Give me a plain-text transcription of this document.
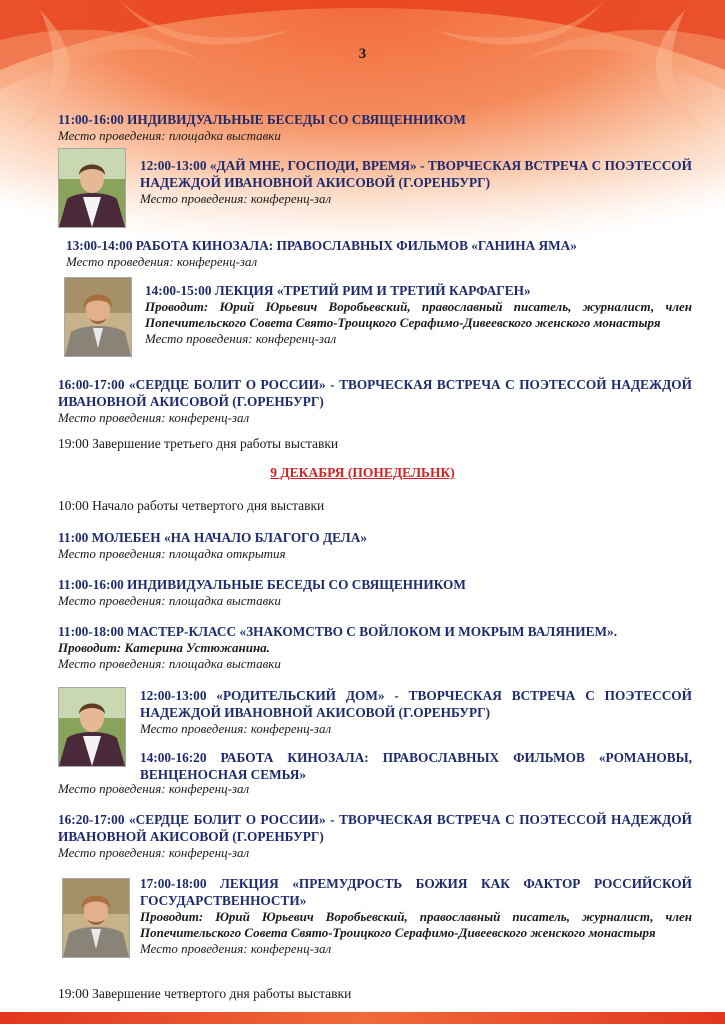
3
11:00-16:00 ИНДИВИДУАЛЬНЫЕ БЕСЕДЫ СО СВЯЩЕННИКОМ
Место проведения: площадка выставки
12:00-13:00 «ДАЙ МНЕ, ГОСПОДИ, ВРЕМЯ» - ТВОРЧЕСКАЯ ВСТРЕЧА С ПОЭТЕССОЙ НАДЕЖДОЙ ИВАНОВНОЙ АКИСОВОЙ (Г.ОРЕНБУРГ)
Место проведения: конференц-зал
13:00-14:00 РАБОТА КИНОЗАЛА: ПРАВОСЛАВНЫХ ФИЛЬМОВ «ГАНИНА ЯМА»
Место проведения: конференц-зал
14:00-15:00 ЛЕКЦИЯ «ТРЕТИЙ РИМ И ТРЕТИЙ КАРФАГЕН»
Проводит: Юрий Юрьевич Воробьевский, православный писатель, журналист, член Попечительского Совета Свято-Троицкого Серафимо-Дивеевского женского монастыря
Место проведения: конференц-зал
16:00-17:00 «СЕРДЦЕ БОЛИТ О РОССИИ» - ТВОРЧЕСКАЯ ВСТРЕЧА С ПОЭТЕССОЙ НАДЕЖДОЙ ИВАНОВНОЙ АКИСОВОЙ (Г.ОРЕНБУРГ)
Место проведения: конференц-зал
19:00 Завершение третьего дня работы выставки
9 ДЕКАБРЯ (ПОНЕДЕЛЬНК)
10:00 Начало работы четвертого дня выставки
11:00 МОЛЕБЕН «НА НАЧАЛО БЛАГОГО ДЕЛА»
Место проведения: площадка открытия
11:00-16:00 ИНДИВИДУАЛЬНЫЕ БЕСЕДЫ СО СВЯЩЕННИКОМ
Место проведения: площадка выставки
11:00-18:00 МАСТЕР-КЛАСС «ЗНАКОМСТВО С ВОЙЛОКОМ И МОКРЫМ ВАЛЯНИЕМ».
Проводит: Катерина Устюжанина.
Место проведения: площадка выставки
12:00-13:00 «РОДИТЕЛЬСКИЙ ДОМ» - ТВОРЧЕСКАЯ ВСТРЕЧА С ПОЭТЕССОЙ НАДЕЖДОЙ ИВАНОВНОЙ АКИСОВОЙ (Г.ОРЕНБУРГ)
Место проведения: конференц-зал
14:00-16:20 РАБОТА КИНОЗАЛА: ПРАВОСЛАВНЫХ ФИЛЬМОВ «РОМАНОВЫ, ВЕНЦЕНОСНАЯ СЕМЬЯ»
Место проведения: конференц-зал
16:20-17:00 «СЕРДЦЕ БОЛИТ О РОССИИ» - ТВОРЧЕСКАЯ ВСТРЕЧА С ПОЭТЕССОЙ НАДЕЖДОЙ ИВАНОВНОЙ АКИСОВОЙ (Г.ОРЕНБУРГ)
Место проведения: конференц-зал
17:00-18:00 ЛЕКЦИЯ «ПРЕМУДРОСТЬ БОЖИЯ КАК ФАКТОР РОССИЙСКОЙ ГОСУДАРСТВЕННОСТИ»
Проводит: Юрий Юрьевич Воробьевский, православный писатель, журналист, член Попечительского Совета Свято-Троицкого Серафимо-Дивеевского женского монастыря
Место проведения: конференц-зал
19:00 Завершение четвертого дня работы выставки
